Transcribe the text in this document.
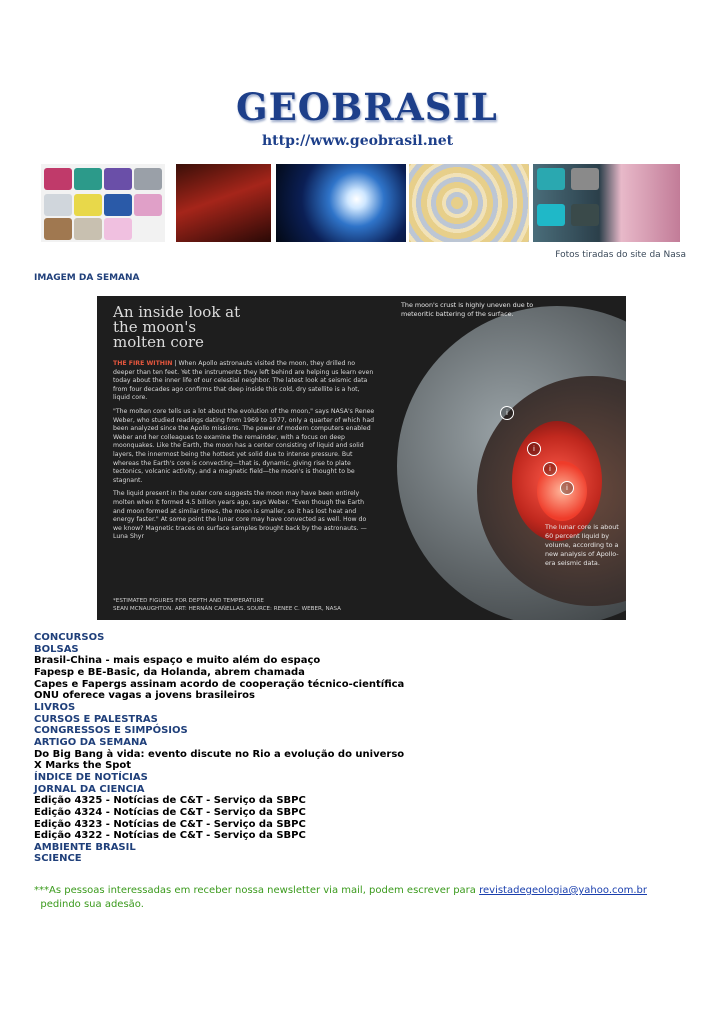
GEOBRASIL
http://www.geobrasil.net
Fotos tiradas do site da Nasa
IMAGEM DA SEMANA
i
i
i
i
An inside look at the moon's molten core

THE FIRE WITHIN | When Apollo astronauts visited the moon, they drilled no deeper than ten feet. Yet the instruments they left behind are helping us learn even today about the inner life of our celestial neighbor. The latest look at seismic data from four decades ago confirms that deep inside this cold, dry satellite is a hot, liquid core.

"The molten core tells us a lot about the evolution of the moon," says NASA's Renee Weber, who studied readings dating from 1969 to 1977, only a quarter of which had been analyzed since the Apollo missions. The power of modern computers enabled Weber and her colleagues to examine the remainder, with a focus on deep moonquakes. Like the Earth, the moon has a center consisting of liquid and solid layers, the innermost being the hottest yet solid due to intense pressure. But whereas the Earth's core is convecting—that is, dynamic, giving rise to plate tectonics, volcanic activity, and a magnetic field—the moon's is thought to be stagnant.

The liquid present in the outer core suggests the moon may have been entirely molten when it formed 4.5 billion years ago, says Weber. "Even though the Earth and moon formed at similar times, the moon is smaller, so it has lost heat and energy faster." At some point the lunar core may have convected as well. How do we know? Magnetic traces on surface samples brought back by the astronauts. —Luna Shyr

*ESTIMATED FIGURES FOR DEPTH AND TEMPERATURE
SEAN MCNAUGHTON. ART: HERNÁN CAÑELLAS. SOURCE: RENEE C. WEBER, NASA
The moon's crust is highly uneven due to meteoritic battering of the surface.
The lunar core is about 60 percent liquid by volume, according to a new analysis of Apollo-era seismic data.
CONCURSOS
BOLSAS
Brasil-China - mais espaço e muito além do espaço
Fapesp e BE-Basic, da Holanda, abrem chamada
Capes e Fapergs assinam acordo de cooperação técnico-científica
ONU oferece vagas a jovens brasileiros
LIVROS
CURSOS E PALESTRAS
CONGRESSOS E SIMPÓSIOS
ARTIGO DA SEMANA
Do Big Bang à vida: evento discute no Rio a evolução do universo
X Marks the Spot
ÍNDICE DE NOTÍCIAS
JORNAL DA CIENCIA
Edição 4325 - Notícias de C&T - Serviço da SBPC
Edição 4324 - Notícias de C&T - Serviço da SBPC
Edição 4323 - Notícias de C&T - Serviço da SBPC
Edição 4322 - Notícias de C&T - Serviço da SBPC
AMBIENTE BRASIL
SCIENCE
***As pessoas interessadas em receber nossa newsletter via mail, podem escrever para revistadegeologia@yahoo.com.br   pedindo sua adesão.
